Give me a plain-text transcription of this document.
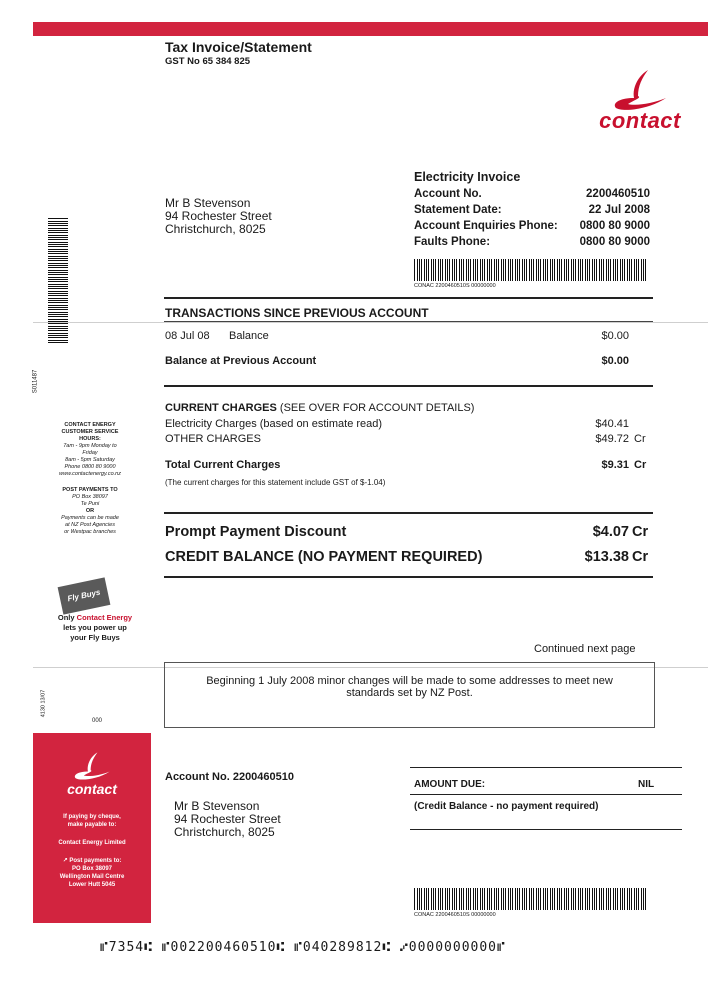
Tax Invoice/Statement
GST No 65 384 825
contact
Mr B Stevenson
94 Rochester Street
Christchurch, 8025
Electricity Invoice
Account No.	2200460510
Statement Date:	22 Jul 2008
Account Enquiries Phone: 0800 80 9000
Faults Phone:	0800 80 9000
CONAC 2200460510S 00000000
S011487
TRANSACTIONS SINCE PREVIOUS ACCOUNT
08 Jul 08 Balance	$0.00
Balance at Previous Account	$0.00
CURRENT CHARGES (SEE OVER FOR ACCOUNT DETAILS)
Electricity Charges (based on estimate read)	$40.41
OTHER CHARGES	$49.72 Cr
Total Current Charges	$9.31 Cr
(The current charges for this statement include GST of $-1.04)
Prompt Payment Discount	$4.07 Cr
CREDIT BALANCE (NO PAYMENT REQUIRED)	$13.38 Cr
CONTACT ENERGY
CUSTOMER SERVICE HOURS:
7am - 9pm Monday to Friday
8am - 5pm Saturday
Phone 0800 80 9000
www.contactenergy.co.nz
POST PAYMENTS TO
PO Box 38097
Te Puni
OR
Payments can be made
at NZ Post Agencies
or Westpac branches
Fly Buys
Only Contact Energy
lets you power up
your Fly Buys
4130 13/07
000
Continued next page
Beginning 1 July 2008 minor changes will be made to some addresses to meet new
standards set by NZ Post.
contact
If paying by cheque,
make payable to:
Contact Energy Limited
↗ Post payments to:
PO Box 38097
Wellington Mail Centre
Lower Hutt 5045
Account No. 2200460510
Mr B Stevenson
94 Rochester Street
Christchurch, 8025
AMOUNT DUE:	NIL
(Credit Balance - no payment required)
CONAC 2200460510S 00000000
⑈7354⑆ ⑈002200460510⑆ ⑈040289812⑆ ⑇0000000000⑈
